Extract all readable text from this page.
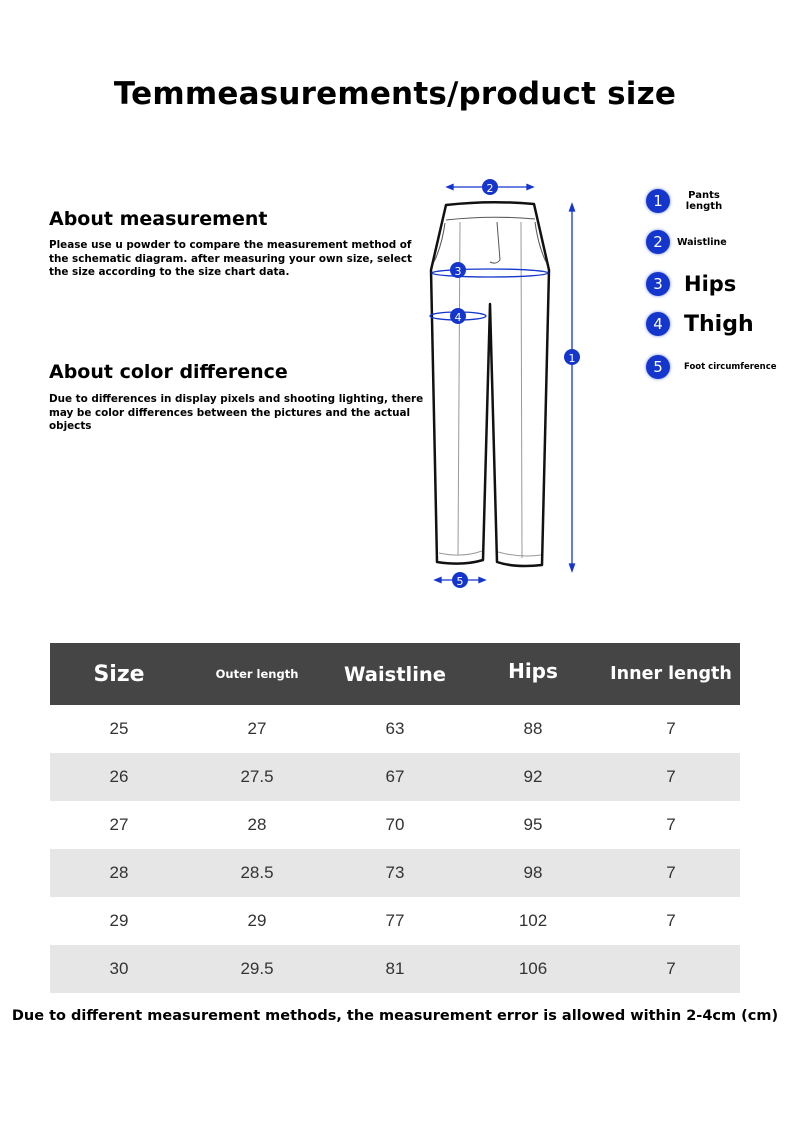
Temmeasurements/product size
About measurement
Please use u powder to compare the measurement method of the schematic diagram. after measuring your own size, select the size according to the size chart data.
About color difference
Due to differences in display pixels and shooting lighting, there may be color differences between the pictures and the actual objects
2
3
4
1
5
1	Pants length
2	Waistline
3	Hips
4 Thigh
5	Foot circumference
Size	Outer length	Waistline	Hips	Inner length
25	27	63	88	7
26	27.5	67	92	7
27	28	70	95	7
28	28.5	73	98	7
29	29	77	102	7
30	29.5	81	106	7
Due to different measurement methods, the measurement error is allowed within 2-4cm (cm)
